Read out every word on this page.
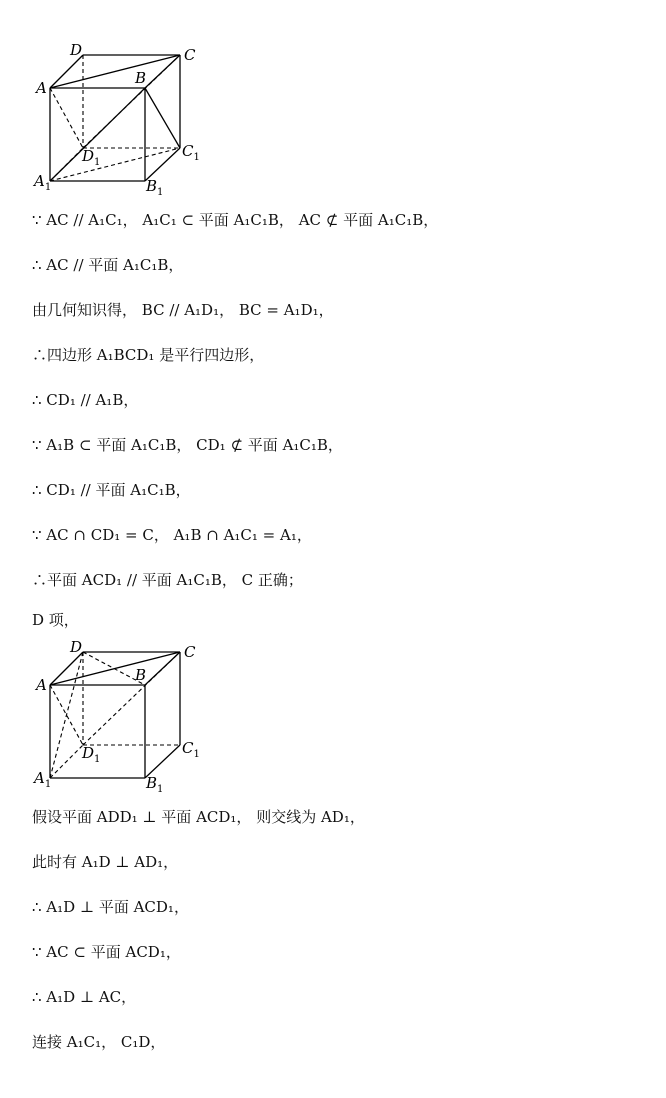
A
D	C
B
$A_1$	$B_1$
$C_1$
$D_1$
∵ AC // A₁C₁， A₁C₁ ⊂ 平面 A₁C₁B， AC ⊄ 平面 A₁C₁B，
∴ AC // 平面 A₁C₁B，
由几何知识得， BC // A₁D₁， BC = A₁D₁，
∴四边形 A₁BCD₁ 是平行四边形，
∴ CD₁ // A₁B，
∵ A₁B ⊂ 平面 A₁C₁B， CD₁ ⊄ 平面 A₁C₁B，
∴ CD₁ // 平面 A₁C₁B，
∵ AC ∩ CD₁ = C， A₁B ∩ A₁C₁ = A₁，
∴平面 ACD₁ // 平面 A₁C₁B， C 正确；
D 项，
A
D	C
B
$A_1$	$B_1$
$C_1$
$D_1$
假设平面 ADD₁ ⊥ 平面 ACD₁， 则交线为 AD₁，
此时有 A₁D ⊥ AD₁，
∴ A₁D ⊥ 平面 ACD₁，
∵ AC ⊂ 平面 ACD₁，
∴ A₁D ⊥ AC，
连接 A₁C₁， C₁D，
